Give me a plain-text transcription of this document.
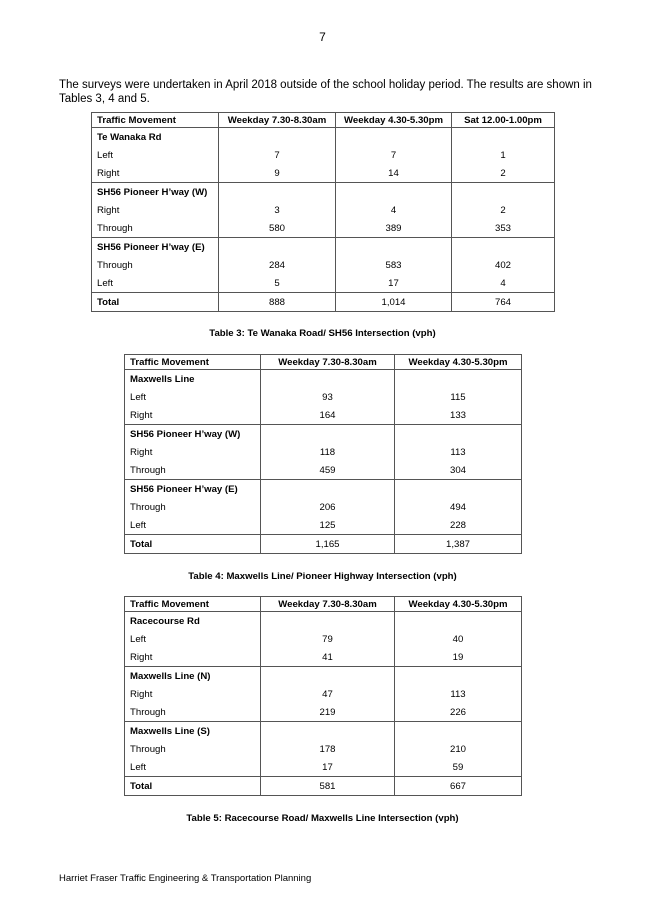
7
The surveys were undertaken in April 2018 outside of the school holiday period. The results are shown in Tables 3, 4 and 5.
Traffic Movement	Weekday 7.30-8.30am	Weekday 4.30-5.30pm	Sat 12.00-1.00pm
Te Wanaka Rd			
Left	7	7	1
Right	9	14	2
SH56 Pioneer H’way (W)			
Right	3	4	2
Through	580	389	353
SH56 Pioneer H’way (E)			
Through	284	583	402
Left	5	17	4
Total	888	1,014	764
Table 3: Te Wanaka Road/ SH56 Intersection (vph)
Traffic Movement	Weekday 7.30-8.30am	Weekday 4.30-5.30pm
Maxwells Line		
Left	93	115
Right	164	133
SH56 Pioneer H’way (W)		
Right	118	113
Through	459	304
SH56 Pioneer H’way (E)		
Through	206	494
Left	125	228
Total	1,165	1,387
Table 4: Maxwells Line/ Pioneer Highway Intersection (vph)
Traffic Movement	Weekday 7.30-8.30am	Weekday 4.30-5.30pm
Racecourse Rd		
Left	79	40
Right	41	19
Maxwells Line (N)		
Right	47	113
Through	219	226
Maxwells Line (S)		
Through	178	210
Left	17	59
Total	581	667
Table 5: Racecourse Road/ Maxwells Line Intersection (vph)
Harriet Fraser Traffic Engineering & Transportation Planning
